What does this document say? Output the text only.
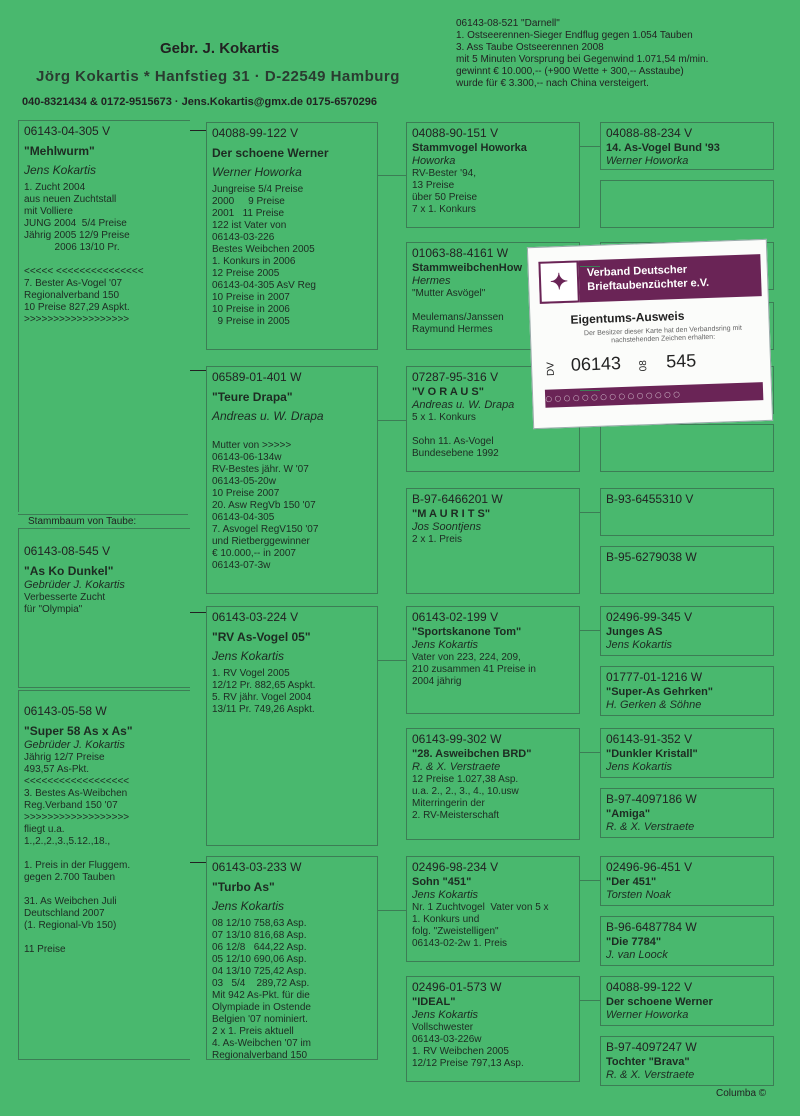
Gebr. J. Kokartis
Jörg Kokartis * Hanfstieg 31 · D-22549 Hamburg
040-8321434 & 0172-9515673 · Jens.Kokartis@gmx.de 0175-6570296
06143-08-521 "Darnell"
1. Ostseerennen-Sieger Endflug gegen 1.054 Tauben
3. Ass Taube Ostseerennen 2008
mit 5 Minuten Vorsprung bei Gegenwind 1.071,54 m/min.
gewinnt € 10.000,-- (+900 Wette + 300,-- Asstaube)
wurde für € 3.300,-- nach China versteigert.
Stammbaum von Taube:
06143-04-305 V
"Mehlwurm"
Jens Kokartis
1. Zucht 2004
aus neuen Zuchtstall
mit Volliere
JUNG 2004  5/4 Preise
Jährig 2005 12/9 Preise
2006 13/10 Pr.

<<<<< <<<<<<<<<<<<<<<
7. Bester As-Vogel '07
Regionalverband 150
10 Preise 827,29 Aspkt.
>>>>>>>>>>>>>>>>>>
06143-08-545 V
"As Ko Dunkel"
Gebrüder J. Kokartis
Verbesserte Zucht
für "Olympia"
06143-05-58 W
"Super 58 As x As"
Gebrüder J. Kokartis
Jährig 12/7 Preise
493,57 As-Pkt.
<<<<<<<<<<<<<<<<<<
3. Bestes As-Weibchen
Reg.Verband 150 '07
>>>>>>>>>>>>>>>>>>
fliegt u.a.
1.,2.,2.,3.,5.12.,18.,

1. Preis in der Fluggem.
gegen 2.700 Tauben

31. As Weibchen Juli
Deutschland 2007
(1. Regional-Vb 150)

11 Preise
04088-99-122 V
Der schoene Werner
Werner Howorka
Jungreise 5/4 Preise
2000     9 Preise
2001   11 Preise
122 ist Vater von
06143-03-226
Bestes Weibchen 2005
1. Konkurs in 2006
12 Preise 2005
06143-04-305 AsV Reg
10 Preise in 2007
10 Preise in 2006
9 Preise in 2005
06589-01-401 W
"Teure Drapa"
Andreas u. W. Drapa

Mutter von >>>>>
06143-06-134w
RV-Bestes jähr. W '07
06143-05-20w
10 Preise 2007
20. Asw RegVb 150 '07
06143-04-305
7. Asvogel RegV150 '07
und Rietberggewinner
€ 10.000,-- in 2007
06143-07-3w
06143-03-224 V
"RV As-Vogel 05"
Jens Kokartis
1. RV Vogel 2005
12/12 Pr. 882,65 Aspkt.
5. RV jähr. Vogel 2004
13/11 Pr. 749,26 Aspkt.
06143-03-233 W
"Turbo As"
Jens Kokartis
08 12/10 758,63 Asp.
07 13/10 816,68 Asp.
06 12/8   644,22 Asp.
05 12/10 690,06 Asp.
04 13/10 725,42 Asp.
03   5/4    289,72 Asp.
Mit 942 As-Pkt. für die
Olympiade in Ostende
Belgien '07 nominiert.
2 x 1. Preis aktuell
4. As-Weibchen '07 im
Regionalverband 150
04088-90-151 V
Stammvogel Howorka
Howorka
RV-Bester '94,
13 Preise
über 50 Preise
7 x 1. Konkurs
01063-88-4161 W
StammweibchenHow
Hermes
"Mutter Asvögel"

Meulemans/Janssen
Raymund Hermes
07287-95-316 V
"V O R A U S"
Andreas u. W. Drapa
5 x 1. Konkurs

Sohn 11. As-Vogel
Bundesebene 1992
B-97-6466201 W
"M A U R I T S"
Jos Soontjens
2 x 1. Preis
06143-02-199 V
"Sportskanone Tom"
Jens Kokartis
Vater von 223, 224, 209,
210 zusammen 41 Preise in
2004 jährig
06143-99-302 W
"28. Asweibchen BRD"
R. & X. Verstraete
12 Preise 1.027,38 Asp.
u.a. 2., 2., 3., 4., 10.usw
Miterringerin der
2. RV-Meisterschaft
02496-98-234 V
Sohn "451"
Jens Kokartis
Nr. 1 Zuchtvogel  Vater von 5 x
1. Konkurs und
folg. "Zweistelligen"
06143-02-2w 1. Preis
02496-01-573 W
"IDEAL"
Jens Kokartis
Vollschwester
06143-03-226w
1. RV Weibchen 2005
12/12 Preise 797,13 Asp.
04088-88-234 V
14. As-Vogel Bund '93
Werner Howorka
B-93-6455310 V
B-95-6279038 W
02496-99-345 V
Junges AS
Jens Kokartis
01777-01-1216 W
"Super-As Gehrken"
H. Gerken & Söhne
06143-91-352 V
"Dunkler Kristall"
Jens Kokartis
B-97-4097186 W
"Amiga"
R. & X. Verstraete
02496-96-451 V
"Der 451"
Torsten Noak
B-96-6487784 W
"Die 7784"
J. van Loock
04088-99-122 V
Der schoene Werner
Werner Howorka
B-97-4097247 W
Tochter "Brava"
R. & X. Verstraete
✦	Verband Deutscher
Brieftaubenzüchter e.V.
Eigentums-Ausweis
Der Besitzer dieser Karte hat den Verbandsring mit nachstehenden Zeichen erhalten:
DV 06143 08 545
◌◌◌◌◌◌◌◌◌◌◌◌◌◌◌
Columba ©
